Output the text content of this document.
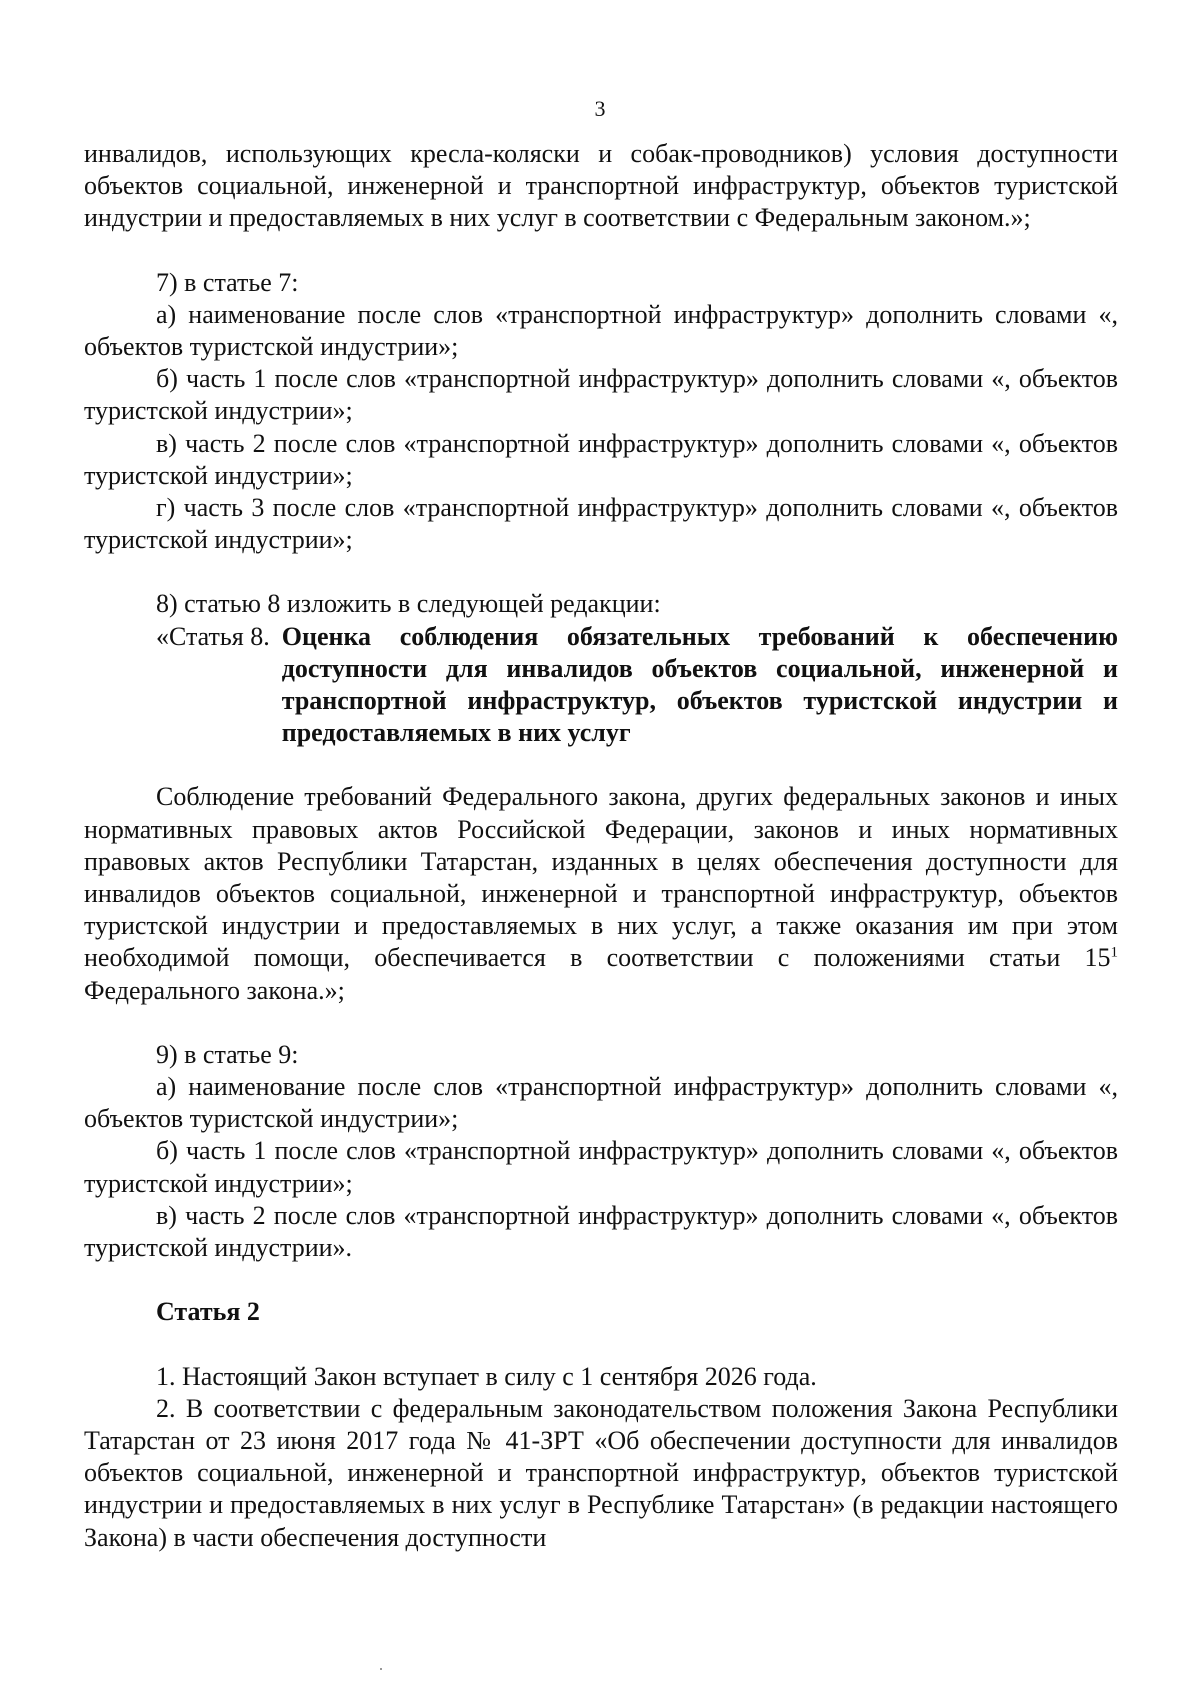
3

инвалидов, использующих кресла-коляски и собак-проводников) условия доступности объектов социальной, инженерной и транспортной инфраструктур, объектов туристской индустрии и предоставляемых в них услуг в соответствии с Федеральным законом.»;

7) в статье 7:

а) наименование после слов «транспортной инфраструктур» дополнить словами «, объектов туристской индустрии»;

б) часть 1 после слов «транспортной инфраструктур» дополнить словами «, объектов туристской индустрии»;

в) часть 2 после слов «транспортной инфраструктур» дополнить словами «, объектов туристской индустрии»;

г) часть 3 после слов «транспортной инфраструктур» дополнить словами «, объектов туристской индустрии»;

8) статью 8 изложить в следующей редакции:

«Статья 8. Оценка соблюдения обязательных требований к обеспечению доступности для инвалидов объектов социальной, инженерной и транспортной инфраструктур, объектов туристской индустрии и предоставляемых в них услуг

Соблюдение требований Федерального закона, других федеральных законов и иных нормативных правовых актов Российской Федерации, законов и иных нормативных правовых актов Республики Татарстан, изданных в целях обеспечения доступности для инвалидов объектов социальной, инженерной и транспортной инфраструктур, объектов туристской индустрии и предоставляемых в них услуг, а также оказания им при этом необходимой помощи, обеспечивается в соответствии с положениями статьи $15^1$ Федерального закона.»;

9) в статье 9:

а) наименование после слов «транспортной инфраструктур» дополнить словами «, объектов туристской индустрии»;

б) часть 1 после слов «транспортной инфраструктур» дополнить словами «, объектов туристской индустрии»;

в) часть 2 после слов «транспортной инфраструктур» дополнить словами «, объектов туристской индустрии».

Статья 2

1. Настоящий Закон вступает в силу с 1 сентября 2026 года.

2. В соответствии с федеральным законодательством положения Закона Республики Татарстан от 23 июня 2017 года № 41-ЗРТ «Об обеспечении доступности для инвалидов объектов социальной, инженерной и транспортной инфраструктур, объектов туристской индустрии и предоставляемых в них услуг в Республике Татарстан» (в редакции настоящего Закона) в части обеспечения доступности
